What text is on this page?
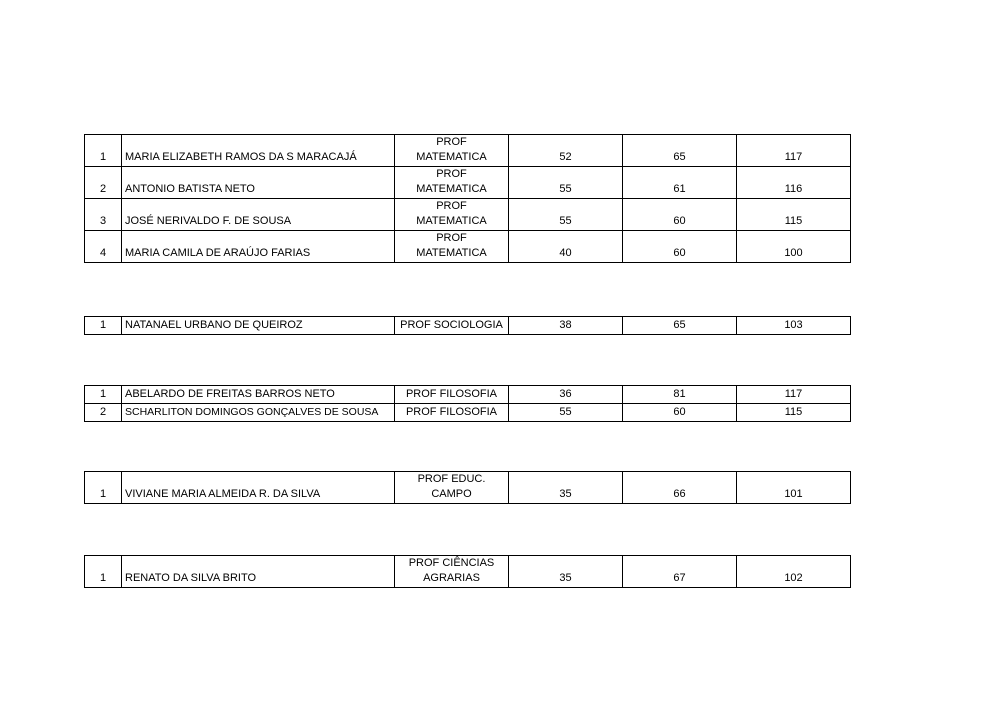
1	MARIA ELIZABETH RAMOS DA S MARACAJÁ	PROF
MATEMATICA	52	65	117
2	ANTONIO BATISTA NETO	PROF
MATEMATICA	55	61	116
3	JOSÉ NERIVALDO F. DE SOUSA	PROF
MATEMATICA	55	60	115
4	MARIA CAMILA DE ARAÚJO FARIAS	PROF
MATEMATICA	40	60	100
1	NATANAEL URBANO DE QUEIROZ	PROF SOCIOLOGIA	38	65	103
1	ABELARDO DE FREITAS BARROS NETO	PROF FILOSOFIA	36	81	117
2	SCHARLITON DOMINGOS GONÇALVES DE SOUSA	PROF FILOSOFIA	55	60	115
1	VIVIANE MARIA ALMEIDA R. DA SILVA	PROF EDUC.
CAMPO	35	66	101
1	RENATO DA SILVA BRITO	PROF CIÊNCIAS
AGRARIAS	35	67	102
